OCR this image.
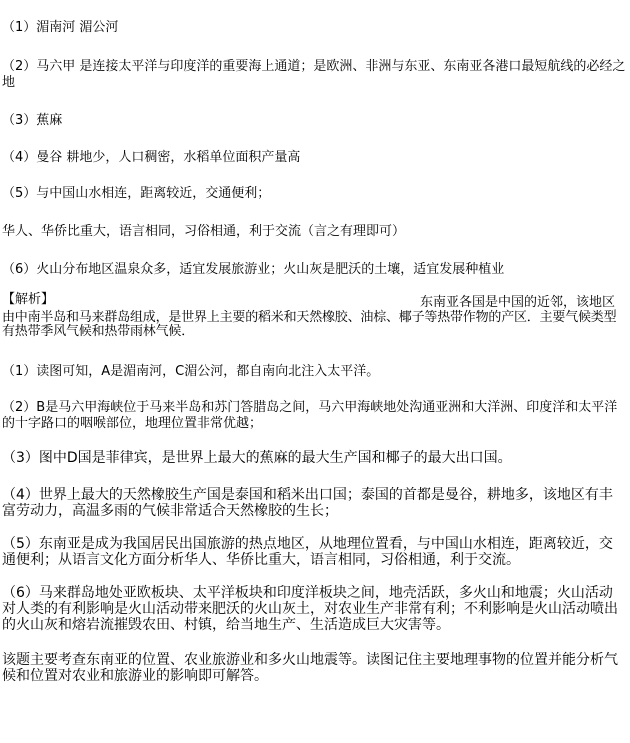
（1）湄南河 湄公河

（2）马六甲 是连接太平洋与印度洋的重要海上通道；是欧洲、非洲与东亚、东南亚各港口最短航线的必经之地

（3）蕉麻

（4）曼谷 耕地少，人口稠密，水稻单位面积产量高

（5）与中国山水相连，距离较近，交通便利；

华人、华侨比重大，语言相同，习俗相通，利于交流（言之有理即可）

（6）火山分布地区温泉众多，适宜发展旅游业；火山灰是肥沃的土壤，适宜发展种植业

【解析】	东南亚各国是中国的近邻，该地区
由中南半岛和马来群岛组成，是世界上主要的稻米和天然橡胶、油棕、椰子等热带作物的产区．主要气候类型有热带季风气候和热带雨林气候．

（1）读图可知，A是湄南河，C湄公河，都自南向北注入太平洋。

（2）B是马六甲海峡位于马来半岛和苏门答腊岛之间，马六甲海峡地处沟通亚洲和大洋洲、印度洋和太平洋的十字路口的咽喉部位，地理位置非常优越；

（3）图中D国是菲律宾，是世界上最大的蕉麻的最大生产国和椰子的最大出口国。

（4）世界上最大的天然橡胶生产国是泰国和稻米出口国；泰国的首都是曼谷，耕地多，该地区有丰富劳动力，高温多雨的气候非常适合天然橡胶的生长；

（5）东南亚是成为我国居民出国旅游的热点地区，从地理位置看，与中国山水相连，距离较近，交通便利；从语言文化方面分析华人、华侨比重大，语言相同，习俗相通，利于交流。

（6）马来群岛地处亚欧板块、太平洋板块和印度洋板块之间，地壳活跃，多火山和地震；火山活动对人类的有利影响是火山活动带来肥沃的火山灰土，对农业生产非常有利；不利影响是火山活动喷出的火山灰和熔岩流摧毁农田、村镇，给当地生产、生活造成巨大灾害等。

该题主要考查东南亚的位置、农业旅游业和多火山地震等。读图记住主要地理事物的位置并能分析气候和位置对农业和旅游业的影响即可解答。
